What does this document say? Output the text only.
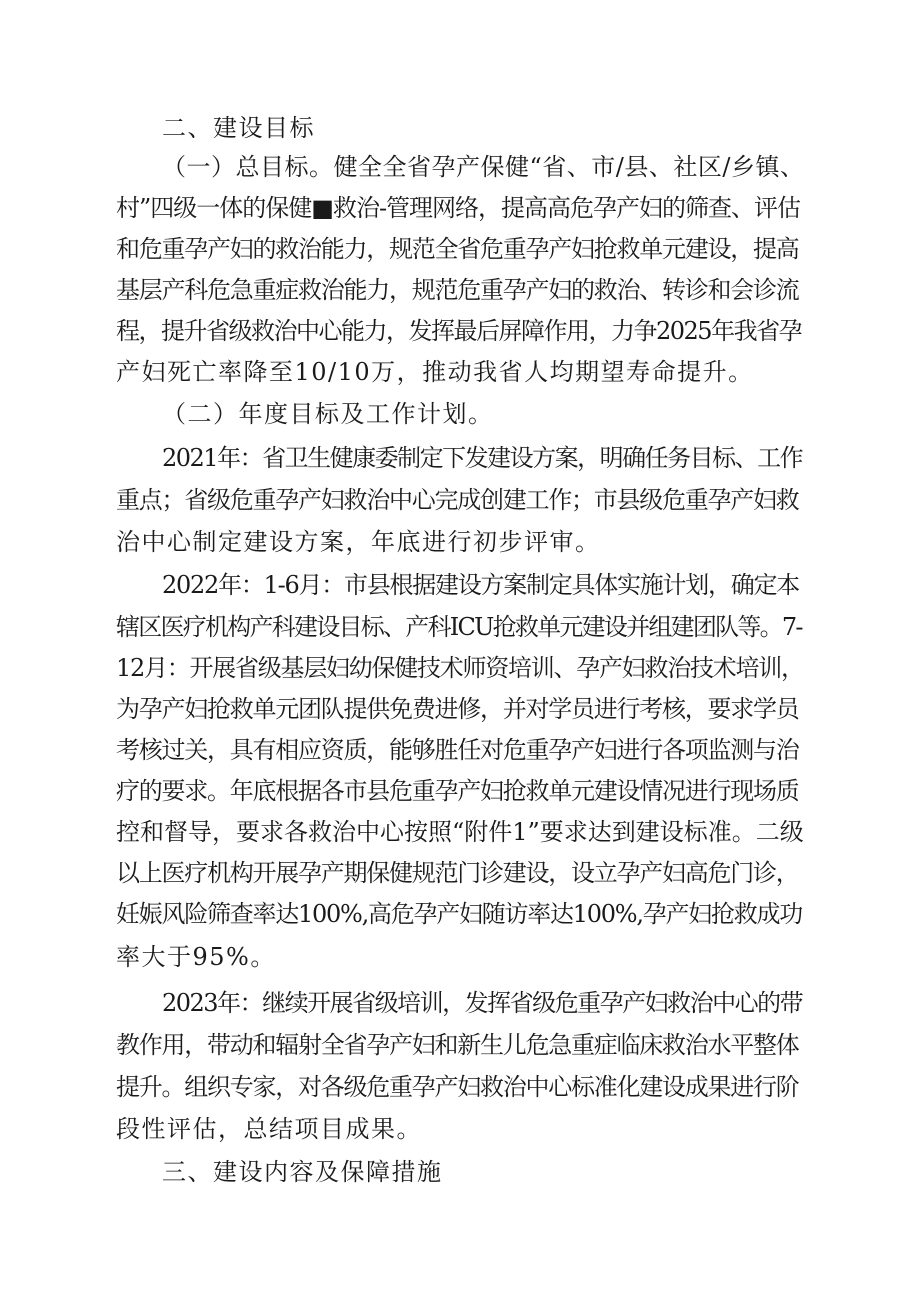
二、建设目标
（一）总目标。健全全省孕产保健“省、市/县、社区/乡镇、
村”四级一体的保健■救治-管理网络，提高高危孕产妇的筛查、评估
和危重孕产妇的救治能力，规范全省危重孕产妇抢救单元建设，提高
基层产科危急重症救治能力，规范危重孕产妇的救治、转诊和会诊流
程，提升省级救治中心能力，发挥最后屏障作用，力争2025年我省孕
产妇死亡率降至10/10万，推动我省人均期望寿命提升。
（二）年度目标及工作计划。
2021年：省卫生健康委制定下发建设方案，明确任务目标、工作
重点；省级危重孕产妇救治中心完成创建工作；市县级危重孕产妇救
治中心制定建设方案，年底进行初步评审。
2022年：1-6月：市县根据建设方案制定具体实施计划，确定本
辖区医疗机构产科建设目标、产科ICU抢救单元建设并组建团队等。7-
12月：开展省级基层妇幼保健技术师资培训、孕产妇救治技术培训，
为孕产妇抢救单元团队提供免费进修，并对学员进行考核，要求学员
考核过关，具有相应资质，能够胜任对危重孕产妇进行各项监测与治
疗的要求。年底根据各市县危重孕产妇抢救单元建设情况进行现场质
控和督导，要求各救治中心按照“附件1”要求达到建设标准。二级
以上医疗机构开展孕产期保健规范门诊建设，设立孕产妇高危门诊，
妊娠风险筛查率达100%,高危孕产妇随访率达100%,孕产妇抢救成功
率大于95%。
2023年：继续开展省级培训，发挥省级危重孕产妇救治中心的带
教作用，带动和辐射全省孕产妇和新生儿危急重症临床救治水平整体
提升。组织专家，对各级危重孕产妇救治中心标准化建设成果进行阶
段性评估，总结项目成果。
三、建设内容及保障措施
